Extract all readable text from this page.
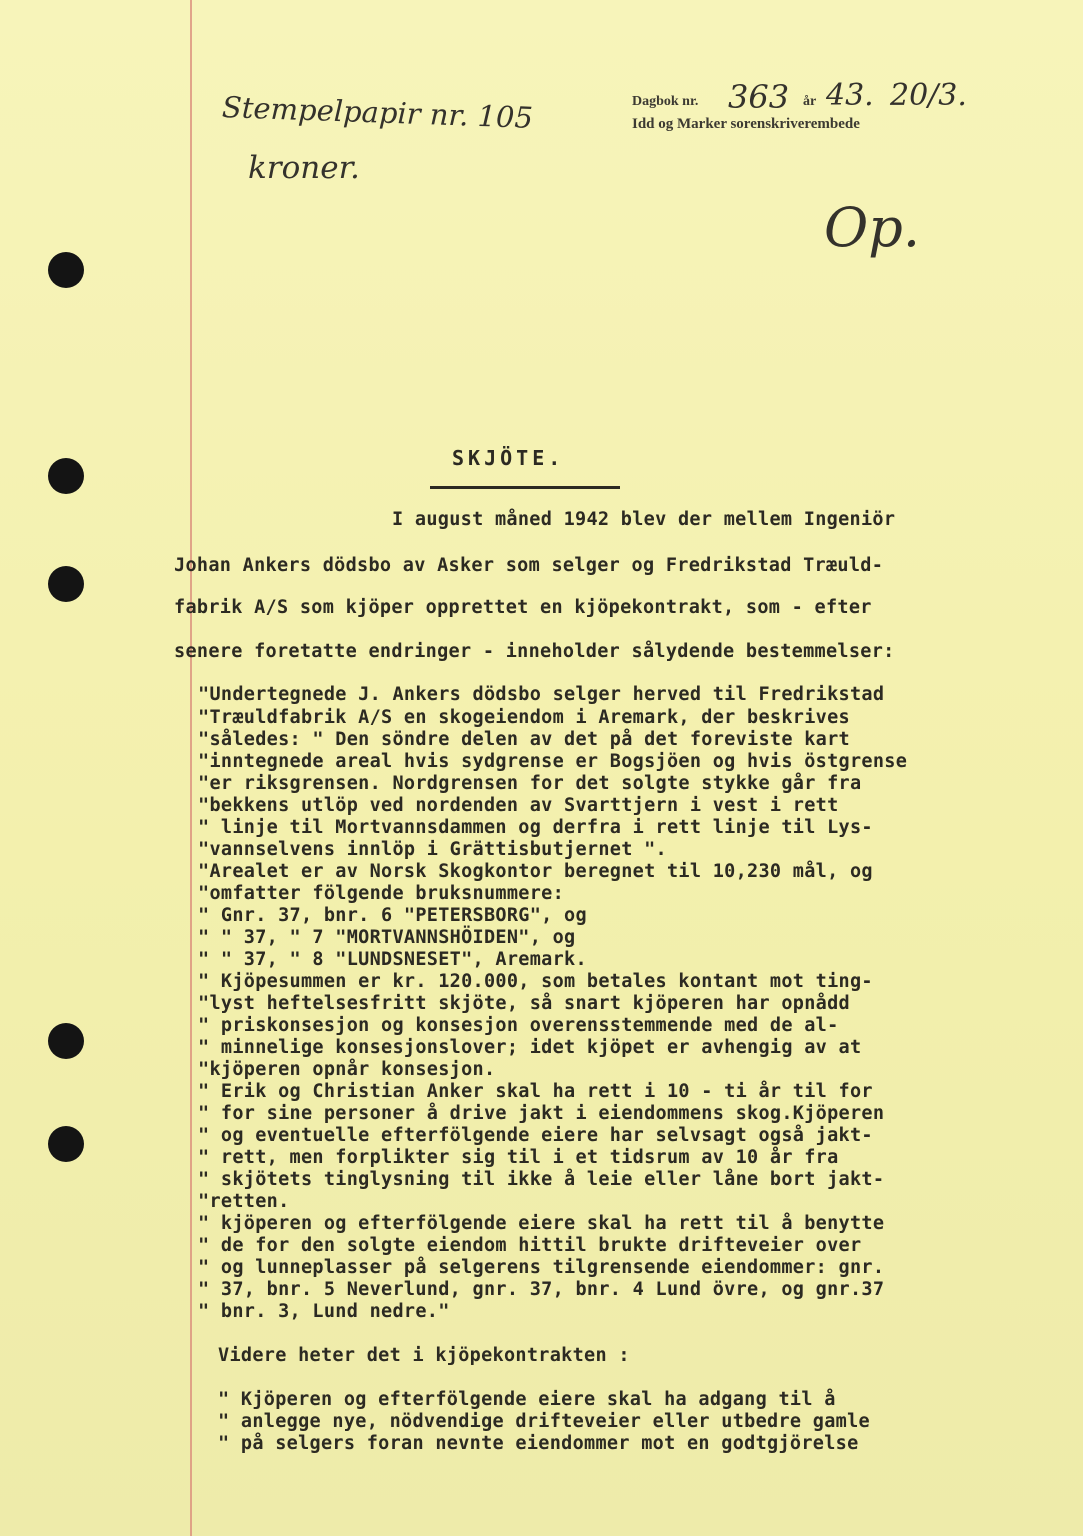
Stempelpapir nr. 105
kroner.
Dagbok nr. 363 år 43. 20/3.
Idd og Marker sorenskriverembede
Op.
SKJÖTE.
I august måned 1942 blev der mellem Ingeniör
Johan Ankers dödsbo av Asker som selger og Fredrikstad Træuld-
fabrik A/S som kjöper opprettet en kjöpekontrakt, som - efter
senere foretatte endringer - inneholder sålydende bestemmelser:
"Undertegnede J. Ankers dödsbo selger herved til Fredrikstad
"Træuldfabrik A/S en skogeiendom i Aremark, der beskrives
"således: " Den söndre delen av det på det foreviste kart
"inntegnede areal hvis sydgrense er Bogsjöen og hvis östgrense
"er riksgrensen. Nordgrensen for det solgte stykke går fra
"bekkens utlöp ved nordenden av Svarttjern i vest i rett
" linje til Mortvannsdammen og derfra i rett linje til Lys-
"vannselvens innlöp i Grättisbutjernet ".
"Arealet er av Norsk Skogkontor beregnet til 10,230 mål, og
"omfatter fölgende bruksnummere:
" Gnr. 37, bnr. 6 "PETERSBORG", og
" " 37, " 7 "MORTVANNSHÖIDEN", og
" " 37, " 8 "LUNDSNESET", Aremark.
" Kjöpesummen er kr. 120.000, som betales kontant mot ting-
"lyst heftelsesfritt skjöte, så snart kjöperen har opnådd
" priskonsesjon og konsesjon overensstemmende med de al-
" minnelige konsesjonslover; idet kjöpet er avhengig av at
"kjöperen opnår konsesjon.
" Erik og Christian Anker skal ha rett i 10 - ti år til for
" for sine personer å drive jakt i eiendommens skog.Kjöperen
" og eventuelle efterfölgende eiere har selvsagt også jakt-
" rett, men forplikter sig til i et tidsrum av 10 år fra
" skjötets tinglysning til ikke å leie eller låne bort jakt-
"retten.
" kjöperen og efterfölgende eiere skal ha rett til å benytte
" de for den solgte eiendom hittil brukte drifteveier over
" og lunneplasser på selgerens tilgrensende eiendommer: gnr.
" 37, bnr. 5 Neverlund, gnr. 37, bnr. 4 Lund övre, og gnr.37
" bnr. 3, Lund nedre."
Videre heter det i kjöpekontrakten :
" Kjöperen og efterfölgende eiere skal ha adgang til å
" anlegge nye, nödvendige drifteveier eller utbedre gamle
" på selgers foran nevnte eiendommer mot en godtgjörelse
